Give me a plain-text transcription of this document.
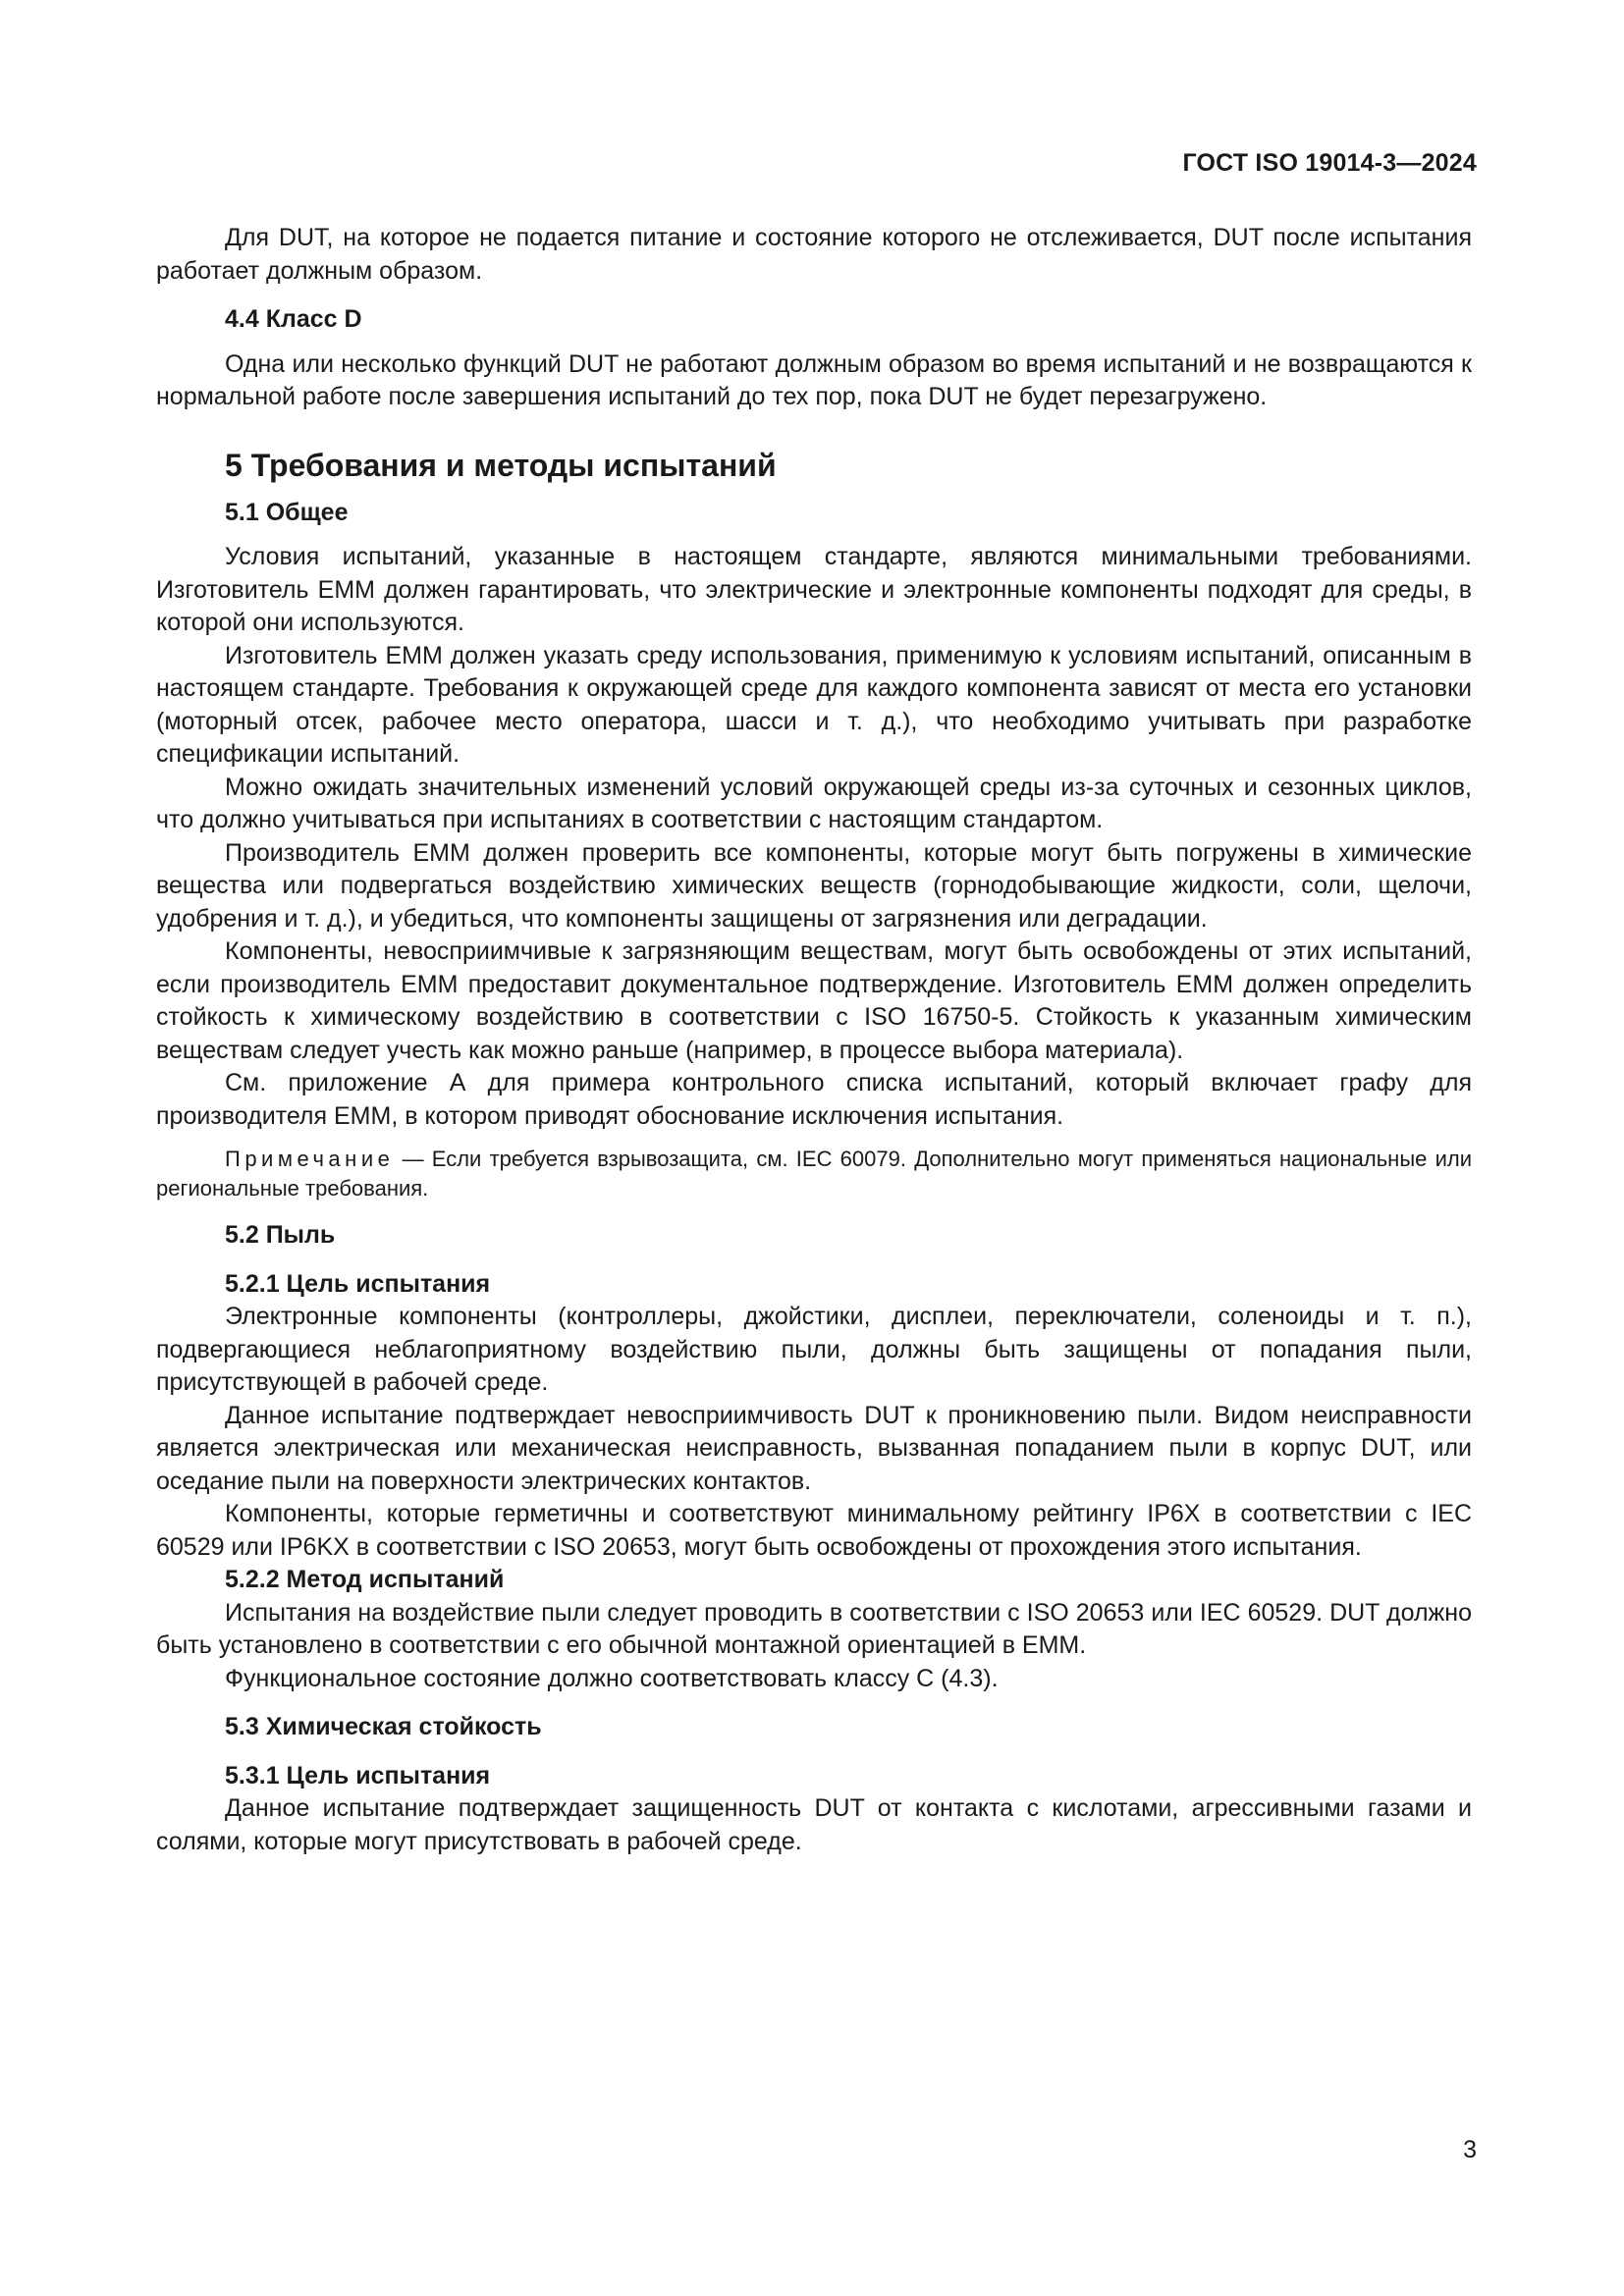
ГОСТ ISO 19014-3—2024

Для DUT, на которое не подается питание и состояние которого не отслеживается, DUT после испытания работает должным образом.

4.4 Класс D

Одна или несколько функций DUT не работают должным образом во время испытаний и не возвращаются к нормальной работе после завершения испытаний до тех пор, пока DUT не будет перезагружено.

5 Требования и методы испытаний

5.1 Общее

Условия испытаний, указанные в настоящем стандарте, являются минимальными требованиями. Изготовитель ЕММ должен гарантировать, что электрические и электронные компоненты подходят для среды, в которой они используются.

Изготовитель ЕММ должен указать среду использования, применимую к условиям испытаний, описанным в настоящем стандарте. Требования к окружающей среде для каждого компонента зависят от места его установки (моторный отсек, рабочее место оператора, шасси и т. д.), что необходимо учитывать при разработке спецификации испытаний.

Можно ожидать значительных изменений условий окружающей среды из-за суточных и сезонных циклов, что должно учитываться при испытаниях в соответствии с настоящим стандартом.

Производитель ЕММ должен проверить все компоненты, которые могут быть погружены в химические вещества или подвергаться воздействию химических веществ (горнодобывающие жидкости, соли, щелочи, удобрения и т. д.), и убедиться, что компоненты защищены от загрязнения или деградации.

Компоненты, невосприимчивые к загрязняющим веществам, могут быть освобождены от этих испытаний, если производитель ЕММ предоставит документальное подтверждение. Изготовитель ЕММ должен определить стойкость к химическому воздействию в соответствии с ISO 16750-5. Стойкость к указанным химическим веществам следует учесть как можно раньше (например, в процессе выбора материала).

См. приложение А для примера контрольного списка испытаний, который включает графу для производителя ЕММ, в котором приводят обоснование исключения испытания.

Примечание — Если требуется взрывозащита, см. IEC 60079. Дополнительно могут применяться национальные или региональные требования.

5.2 Пыль

5.2.1 Цель испытания

Электронные компоненты (контроллеры, джойстики, дисплеи, переключатели, соленоиды и т. п.), подвергающиеся неблагоприятному воздействию пыли, должны быть защищены от попадания пыли, присутствующей в рабочей среде.

Данное испытание подтверждает невосприимчивость DUT к проникновению пыли. Видом неисправности является электрическая или механическая неисправность, вызванная попаданием пыли в корпус DUT, или оседание пыли на поверхности электрических контактов.

Компоненты, которые герметичны и соответствуют минимальному рейтингу IP6X в соответствии с IEC 60529 или IP6KX в соответствии с ISO 20653, могут быть освобождены от прохождения этого испытания.

5.2.2 Метод испытаний

Испытания на воздействие пыли следует проводить в соответствии с ISO 20653 или IEC 60529. DUT должно быть установлено в соответствии с его обычной монтажной ориентацией в ЕММ.

Функциональное состояние должно соответствовать классу С (4.3).

5.3 Химическая стойкость

5.3.1 Цель испытания

Данное испытание подтверждает защищенность DUT от контакта с кислотами, агрессивными газами и солями, которые могут присутствовать в рабочей среде.

3
